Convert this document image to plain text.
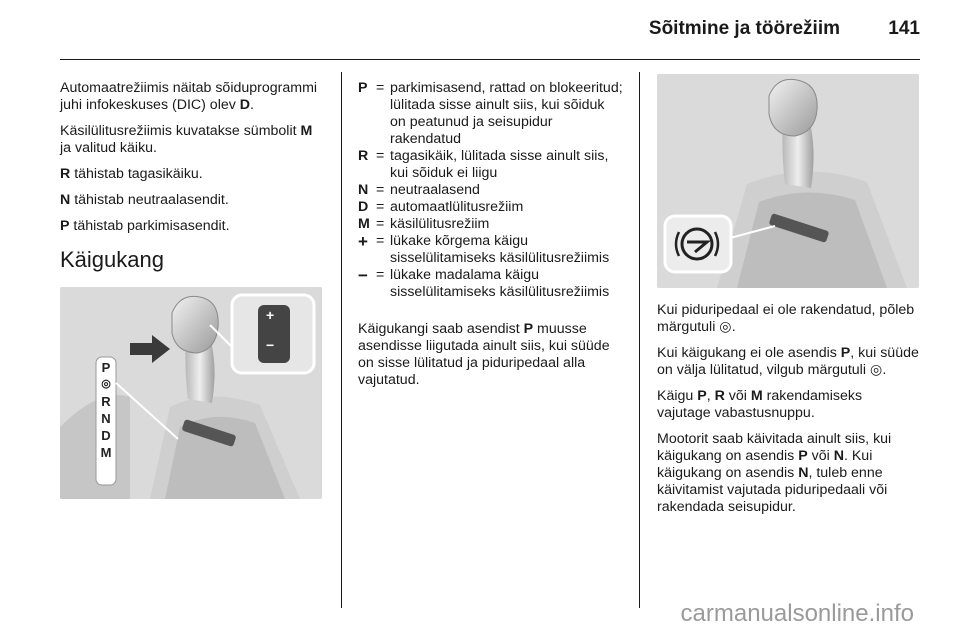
Sõitmine ja töörežiim	141

Automaatrežiimis näitab sõiduprogrammi juhi infokeskuses (DIC) olev D.

Käsilülitusrežiimis kuvatakse sümbolit M ja valitud käiku.

R tähistab tagasikäiku.

N tähistab neutraalasendit.

P tähistab parkimisasendit.

Käigukang
P
◎
R
N
D
M
+
−
P = parkimisasend, rattad on blokeeritud; lülitada sisse ainult siis, kui sõiduk on peatunud ja seisupidur rakendatud
R = tagasikäik, lülitada sisse ainult siis, kui sõiduk ei liigu
N = neutraalasend
D = automaatlülitusrežiim
M = käsilülitusrežiim
+ = lükake kõrgema käigu sisselülitamiseks käsilülitusrežiimis
− = lükake madalama käigu sisselülitamiseks käsilülitusrežiimis

Käigukangi saab asendist P muusse asendisse liigutada ainult siis, kui süüde on sisse lülitatud ja piduripedaal alla vajutatud.

Kui piduripedaal ei ole rakendatud, põleb märgutuli ◎.

Kui käigukang ei ole asendis P, kui süüde on välja lülitatud, vilgub märgutuli ◎.

Käigu P, R või M rakendamiseks vajutage vabastusnuppu.

Mootorit saab käivitada ainult siis, kui käigukang on asendis P või N. Kui käigukang on asendis N, tuleb enne käivitamist vajutada piduripedaali või rakendada seisupidur.

carmanualsonline.info
